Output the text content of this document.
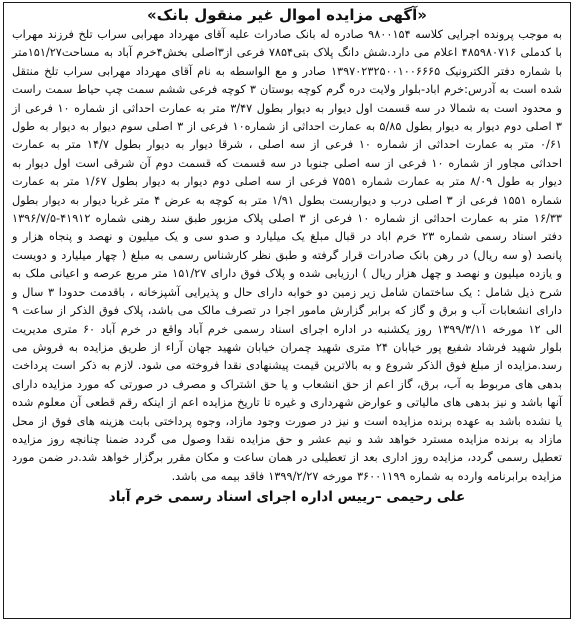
«آگهی مزایده اموال غیر منقول بانک»

به موجب پرونده اجرایی کلاسه ۹۸۰۰۱۵۴ صادره له بانک صادرات علیه آقای مهرداد مهرابی سراب تلخ فرزند مهراب با کدملی ۴۸۵۹۸۰۷۱۶ اعلام می دارد.شش دانگ پلاک بتی۷۸۵۴ فرعی از۳اصلی بخش۴خرم آباد به مساحت۱۵۱/۲۷متر با شماره دفتر الکترونیک ۱۳۹۷۰۲۳۲۵۰۰۱۰۰۶۶۶۵ صادر و مع الواسطه به نام آقای مهرداد مهرابی سراب تلخ منتقل شده است به آدرس:خرم اباد-بلوار ولایت دره گرم کوچه بوستان ۳ کوچه فرعی ششم سمت چپ حیاط سمت راست و محدود است به شمالا در سه قسمت اول دیوار به دیوار بطول ۳/۴۷ متر به عمارت احداثی از شماره ۱۰ فرعی از ۳ اصلی دوم دیوار به دیوار بطول ۵/۸۵ به عمارت احداثی از شماره۱۰ فرعی از ۳ اصلی سوم دیوار به دیوار به طول ۰/۶۱ متر به عمارت احداثی از شماره ۱۰ فرعی از سه اصلی ، شرقا دیوار به دیوار بطول ۱۴/۷ متر به عمارت احداثی مجاور از شماره ۱۰ فرعی از سه اصلی جنوبا در سه قسمت که قسمت دوم آن شرقی است اول دیوار به دیوار به طول ۸/۰۹ متر به عمارت شماره ۷۵۵۱ فرعی از سه اصلی دوم دیوار به دیوار بطول ۱/۶۷ متر به عمارت شماره ۱۵۵۱ فرعی از ۳ اصلی درب و دیواربست بطول ۱/۹۱ متر به کوچه به عرض ۴ متر غربا دیوار به دیوار بطول ۱۶/۳۳ متر به عمارت احداثی از شماره ۱۰ فرعی از ۳ اصلی پلاک مزبور طبق سند رهنی شماره ۴۱۹۱۲-۱۳۹۶/۷/۵ دفتر اسناد رسمی شماره ۲۳ خرم اباد در قبال مبلغ یک میلیارد و صدو سی و یک میلیون و نهصد و پنجاه هزار و پانصد (و سه ریال) در رهن بانک صادرات قرار گرفته و طبق نظر کارشناس رسمی به مبلغ ( چهار میلیارد و دویست و یازده میلیون و نهصد و چهل هزار ریال ) ارزیابی شده و پلاک فوق دارای ۱۵۱/۲۷ متر مربع عرصه و اعیانی ملک به شرح ذیل شامل : یک ساختمان شامل زیر زمین دو خوابه دارای حال و پذیرایی آشپزخانه ، باقدمت حدودا ۳ سال و دارای انشعابات آب و برق و گاز که برابر گزارش مامور اجرا در تصرف مالک می باشد، پلاک فوق الذکر از ساعت ۹ الی ۱۲ مورخه ۱۳۹۹/۳/۱۱ روز یکشنبه در اداره اجرای اسناد رسمی خرم آباد واقع در خرم آباد ۶۰ متری مدیریت بلوار شهید فرشاد شفیع پور خیابان ۲۴ متری شهید چمران خیابان شهید جهان آراء از طریق مزایده به فروش می رسد.مزایده از مبلغ فوق الذکر شروع و به بالاترین قیمت پیشنهادی نقدا فروخته می شود. لازم به ذکر است پرداخت بدهی های مربوط به آب، برق، گاز اعم از حق انشعاب و یا حق اشتراک و مصرف در صورتی که مورد مزایده دارای آنها باشد و نیز بدهی های مالیاتی و عوارض شهرداری و غیره تا تاریخ مزایده اعم از اینکه رقم قطعی آن معلوم شده یا نشده باشد به عهده برنده مزایده است و نیز در صورت وجود مازاد، وجوه پرداختی بابت هزینه های فوق از محل مازاد به برنده مزایده مسترد خواهد شد و نیم عشر و حق مزایده نقدا وصول می گردد ضمنا چنانچه روز مزایده تعطیل رسمی گردد، مزایده روز اداری بعد از تعطیلی در همان ساعت و مکان مقرر برگزار خواهد شد.در ضمن مورد مزایده برابرنامه وارده به شماره ۳۶۰۰۱۱۹۹ مورخه ۱۳۹۹/۲/۲۷ فاقد بیمه می باشد.

علی رحیمی –رییس اداره اجرای اسناد رسمی خرم آباد
